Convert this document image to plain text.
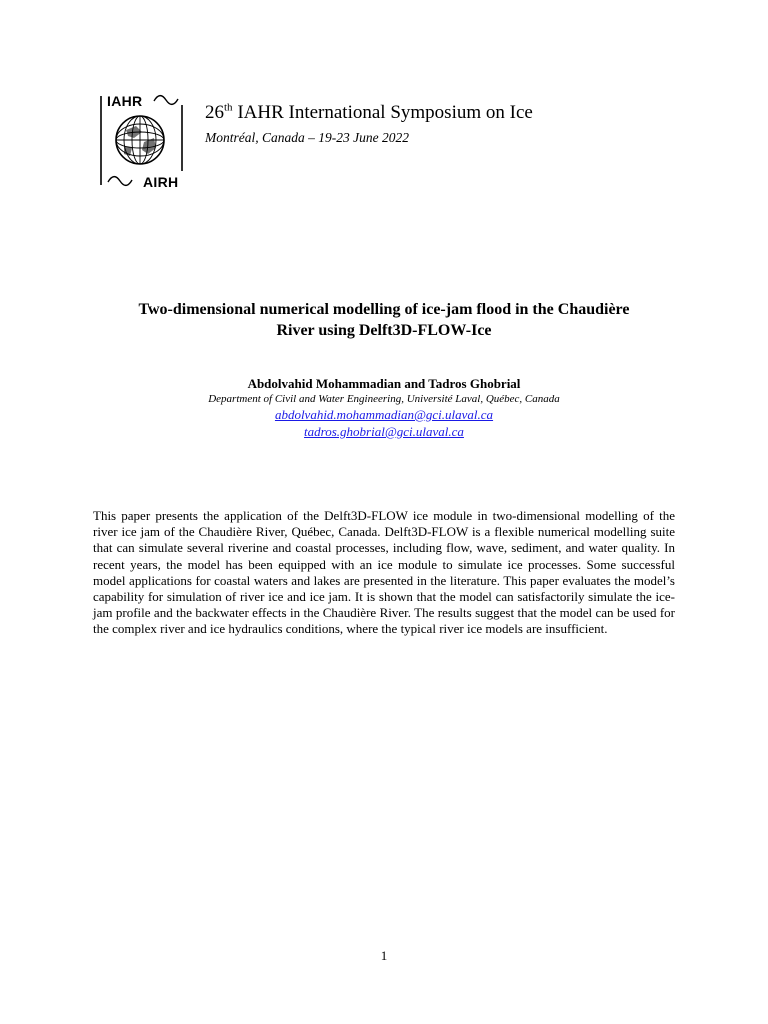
IAHR
AIRH
26th IAHR International Symposium on Ice
Montréal, Canada – 19-23 June 2022
Two-dimensional numerical modelling of ice-jam flood in the Chaudière
River using Delft3D-FLOW-Ice
Abdolvahid Mohammadian and Tadros Ghobrial
Department of Civil and Water Engineering, Université Laval, Québec, Canada
abdolvahid.mohammadian@gci.ulaval.ca
tadros.ghobrial@gci.ulaval.ca

This paper presents the application of the Delft3D-FLOW ice module in two-dimensional modelling of the river ice jam of the Chaudière River, Québec, Canada. Delft3D-FLOW is a flexible numerical modelling suite that can simulate several riverine and coastal processes, including flow, wave, sediment, and water quality. In recent years, the model has been equipped with an ice module to simulate ice processes. Some successful model applications for coastal waters and lakes are presented in the literature. This paper evaluates the model’s capability for simulation of river ice and ice jam. It is shown that the model can satisfactorily simulate the ice-jam profile and the backwater effects in the Chaudière River. The results suggest that the model can be used for the complex river and ice hydraulics conditions, where the typical river ice models are insufficient.

1
